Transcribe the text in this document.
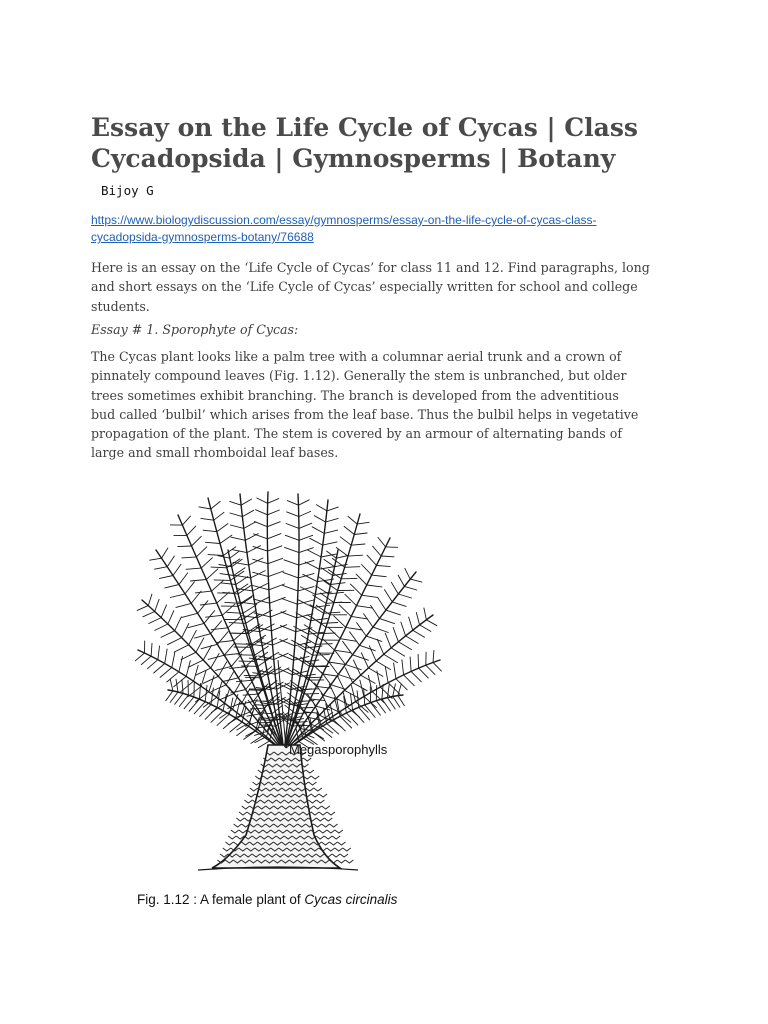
Essay on the Life Cycle of Cycas | Class
Cycadopsida | Gymnosperms | Botany
Bijoy G
https://www.biologydiscussion.com/essay/gymnosperms/essay-on-the-life-cycle-of-cycas-class-
cycadopsida-gymnosperms-botany/76688

Here is an essay on the ‘Life Cycle of Cycas’ for class 11 and 12. Find paragraphs, long
and short essays on the ‘Life Cycle of Cycas’ especially written for school and college
students.

Essay # 1. Sporophyte of Cycas:

The Cycas plant looks like a palm tree with a columnar aerial trunk and a crown of
pinnately compound leaves (Fig. 1.12). Generally the stem is unbranched, but older
trees sometimes exhibit branching. The branch is developed from the adventitious
bud called ‘bulbil’ which arises from the leaf base. Thus the bulbil helps in vegetative
propagation of the plant. The stem is covered by an armour of alternating bands of
large and small rhomboidal leaf bases.

Megasporophylls
Fig. 1.12 : A female plant of Cycas circinalis
